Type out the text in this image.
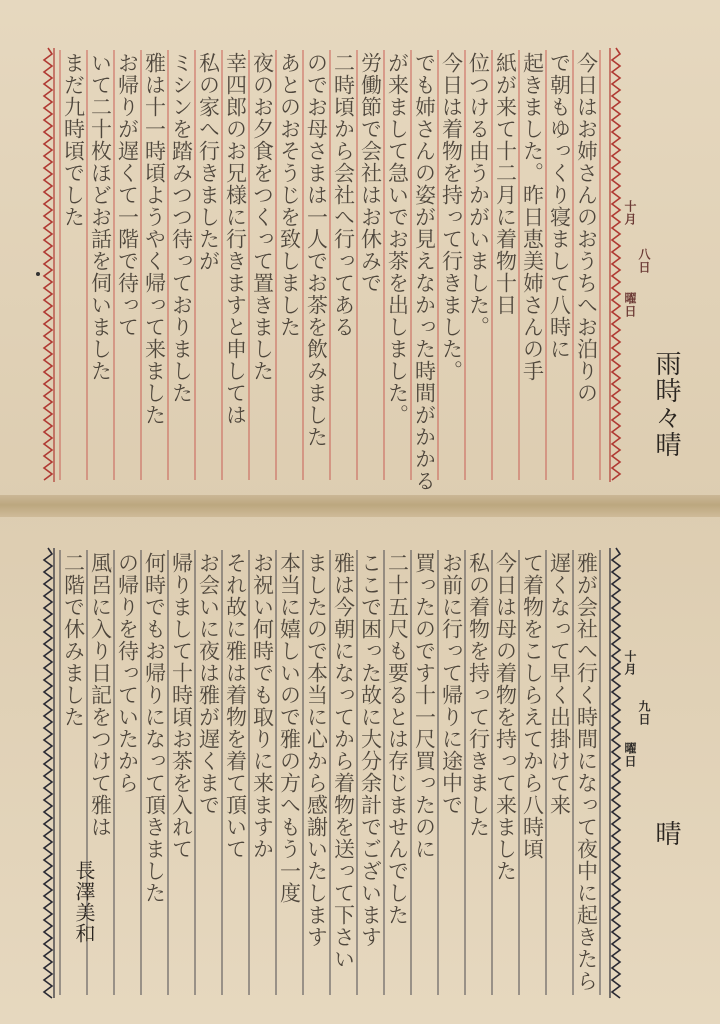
十月
八日
曜日
雨時々晴
今日はお姉さんのおうちへお泊りの
で朝もゆっくり寝まして八時に
起きました。昨日恵美姉さんの手
紙が来て十二月に着物十日
位つける由うかがいました。
今日は着物を持って行きました。
でも姉さんの姿が見えなかった時間がかかる
が来まして急いでお茶を出しました。
労働節で会社はお休みで
二時頃から会社へ行ってある
のでお母さまは一人でお茶を飲みました
あとのおそうじを致しました
夜のお夕食をつくって置きました
幸四郎のお兄様に行きますと申しては
私の家へ行きましたが
ミシンを踏みつつ待っておりました
雅は十一時頃ようやく帰って来ました
お帰りが遅くて一階で待って
いて二十枚ほどお話を伺いました
まだ九時頃でした
十月
九日
曜日
晴
雅が会社へ行く時間になって夜中に起きたら
遅くなって早く出掛けて来
て着物をこしらえてから八時頃
今日は母の着物を持って来ました
私の着物を持って行きました
お前に行って帰りに途中で
買ったのです十一尺買ったのに
二十五尺も要るとは存じませんでした
ここで困った故に大分余計でございます
雅は今朝になってから着物を送って下さい
ましたので本当に心から感謝いたします
本当に嬉しいので雅の方へもう一度
お祝い何時でも取りに来ますか
それ故に雅は着物を着て頂いて
お会いに夜は雅が遅くまで
帰りまして十時頃お茶を入れて
何時でもお帰りになって頂きました
の帰りを待っていたから
風呂に入り日記をつけて雅は
二階で休みました
長澤美和
